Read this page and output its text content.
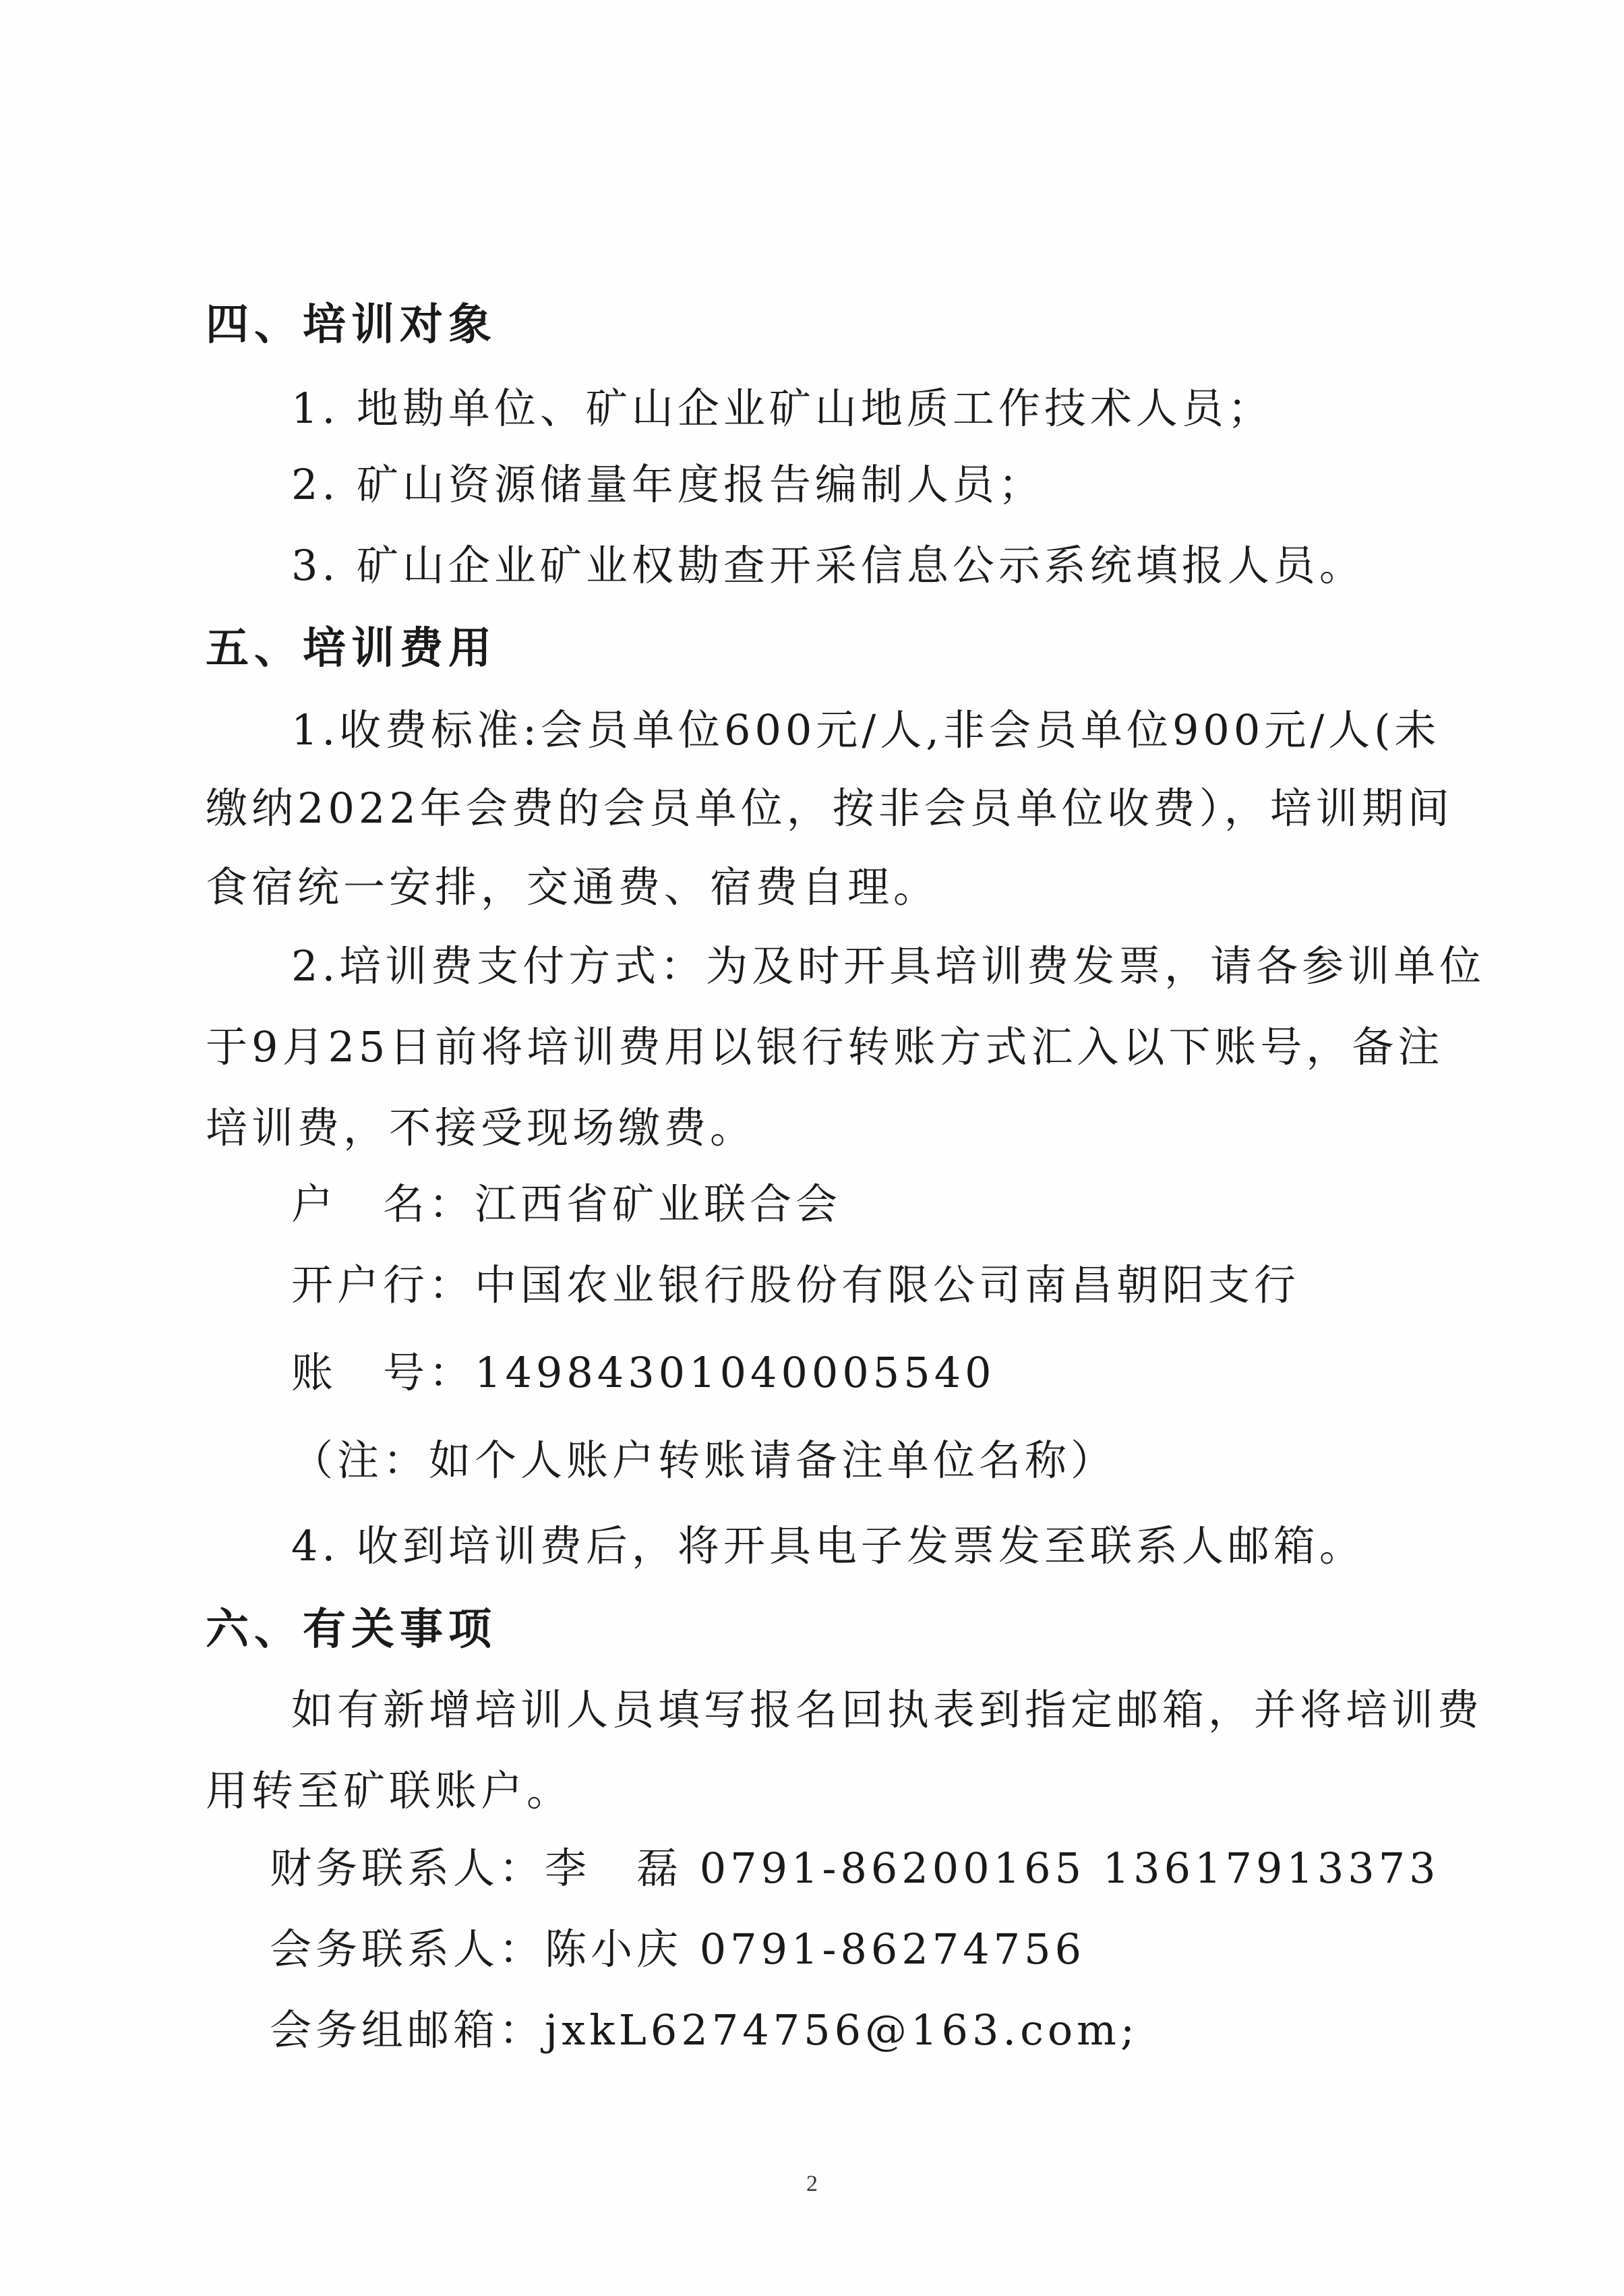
四、培训对象
1. 地勘单位、矿山企业矿山地质工作技术人员；
2. 矿山资源储量年度报告编制人员；
3. 矿山企业矿业权勘查开采信息公示系统填报人员。
五、培训费用
1.收费标准:会员单位600元/人,非会员单位900元/人(未
缴纳2022年会费的会员单位，按非会员单位收费），培训期间
食宿统一安排，交通费、宿费自理。
2.培训费支付方式：为及时开具培训费发票，请各参训单位
于9月25日前将培训费用以银行转账方式汇入以下账号，备注
培训费，不接受现场缴费。
户　名：江西省矿业联合会
开户行：中国农业银行股份有限公司南昌朝阳支行
账　号：14984301040005540
（注：如个人账户转账请备注单位名称）
4. 收到培训费后，将开具电子发票发至联系人邮箱。
六、有关事项
如有新增培训人员填写报名回执表到指定邮箱，并将培训费
用转至矿联账户。
财务联系人：李　磊 0791-86200165 13617913373
会务联系人：陈小庆 0791-86274756
会务组邮箱：jxkL6274756@163.com;
2
